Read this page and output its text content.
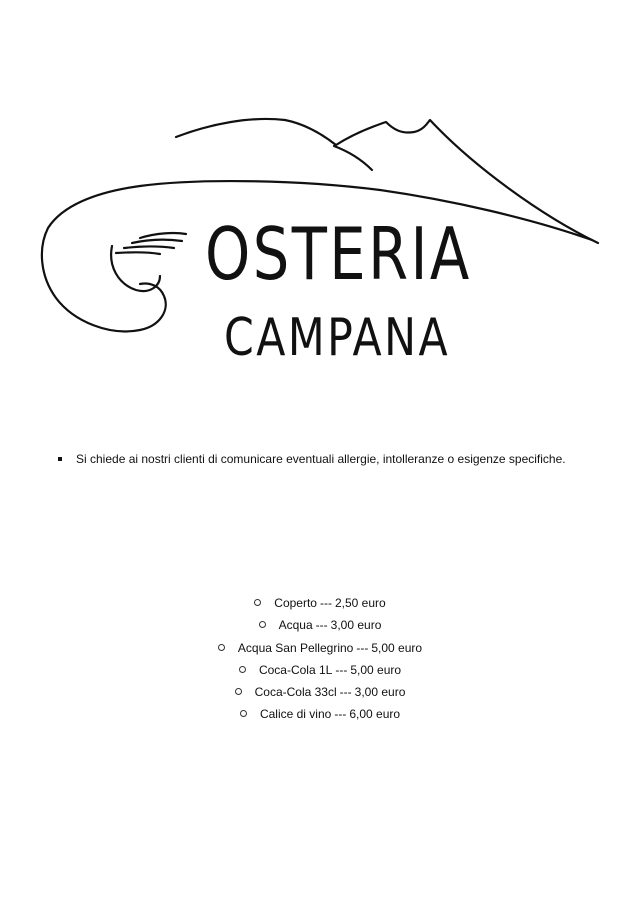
OSTERIA
CAMPANA
Si chiede ai nostri clienti di comunicare eventuali allergie, intolleranze o esigenze specifiche.
Coperto --- 2,50 euro
Acqua --- 3,00 euro
Acqua San Pellegrino --- 5,00 euro
Coca-Cola 1L --- 5,00 euro
Coca-Cola 33cl --- 3,00 euro
Calice di vino --- 6,00 euro
